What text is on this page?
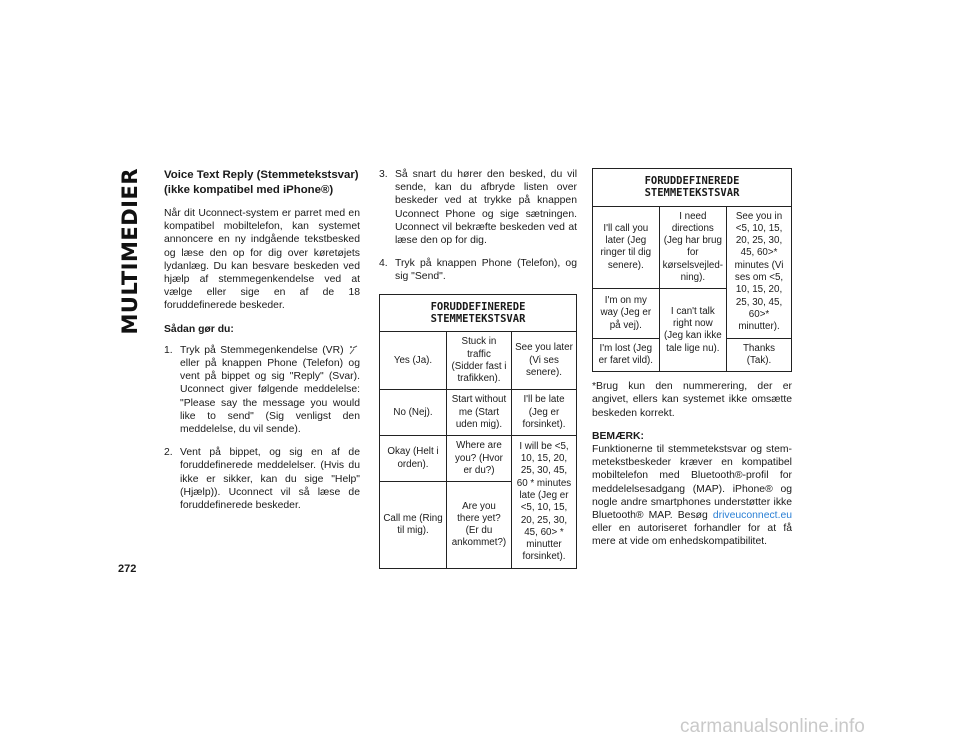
MULTIMEDIER
272
Voice Text Reply (Stemmetekstsvar) (ikke kompatibel med iPhone®)

Når dit Uconnect-system er parret med en kompatibel mobiltelefon, kan systemet annoncere en ny indgående tekstbesked og læse den op for dig over køretøjets lydanlæg. Du kan besvare beskeden ved hjælp af stemmegenkendelse ved at vælge eller sige en af de 18 foruddefinerede beskeder.

Sådan gør du:
1. Tryk på Stemmegenkendelse (VR)  eller på knappen Phone (Telefon) og vent på bippet og sig "Reply" (Svar). Uconnect giver følgende meddelelse: "Please say the message you would like to send" (Sig venligst den meddelelse, du vil sende).
2. Vent på bippet, og sig en af de foruddefinerede meddelelser. (Hvis du ikke er sikker, kan du sige "Help" (Hjælp)). Uconnect vil så læse de foruddefinerede beskeder.
3. Så snart du hører den besked, du vil sende, kan du afbryde listen over beskeder ved at trykke på knappen Uconnect Phone og sige sætningen. Uconnect vil bekræfte beskeden ved at læse den op for dig.
4. Tryk på knappen Phone (Telefon), og sig "Send".
FORUDDEFINEREDE STEMMETEKSTSVAR		
Yes (Ja).	Stuck in traffic (Sidder fast i trafikken).	See you later (Vi ses senere).
No (Nej).	Start without me (Start uden mig).	I'll be late (Jeg er forsinket).
Okay (Helt i orden).	Where are you? (Hvor er du?)	I will be <5, 10, 15, 20, 25, 30, 45, 60 * minutes late (Jeg er <5, 10, 15, 20, 25, 30, 45, 60> * minutter forsinket).
Call me (Ring til mig).	Are you there yet? (Er du ankommet?)	
FORUDDEFINEREDE STEMMETEKSTSVAR		
I'll call you later (Jeg ringer til dig senere).	I need directions (Jeg har brug for kørselsvejledning).	See you in <5, 10, 15, 20, 25, 30, 45, 60>* minutes (Vi ses om <5, 10, 15, 20, 25, 30, 45, 60>* minutter).
I'm on my way (Jeg er på vej).	I can't talk right now (Jeg kan ikke tale lige nu).	
I'm lost (Jeg er faret vild).		Thanks (Tak).

*Brug kun den nummerering, der er angivet, ellers kan systemet ikke omsætte beskeden korrekt.

BEMÆRK:

Funktionerne til stemmetekstsvar og stemmetekstbeskeder kræver en kompatibel mobiltelefon med Bluetooth®-profil for meddelelsesadgang (MAP). iPhone® og nogle andre smartphones understøtter ikke Bluetooth® MAP. Besøg driveuconnect.eu eller en autoriseret forhandler for at få mere at vide om enhedskompatibilitet.

carmanualsonline.info
